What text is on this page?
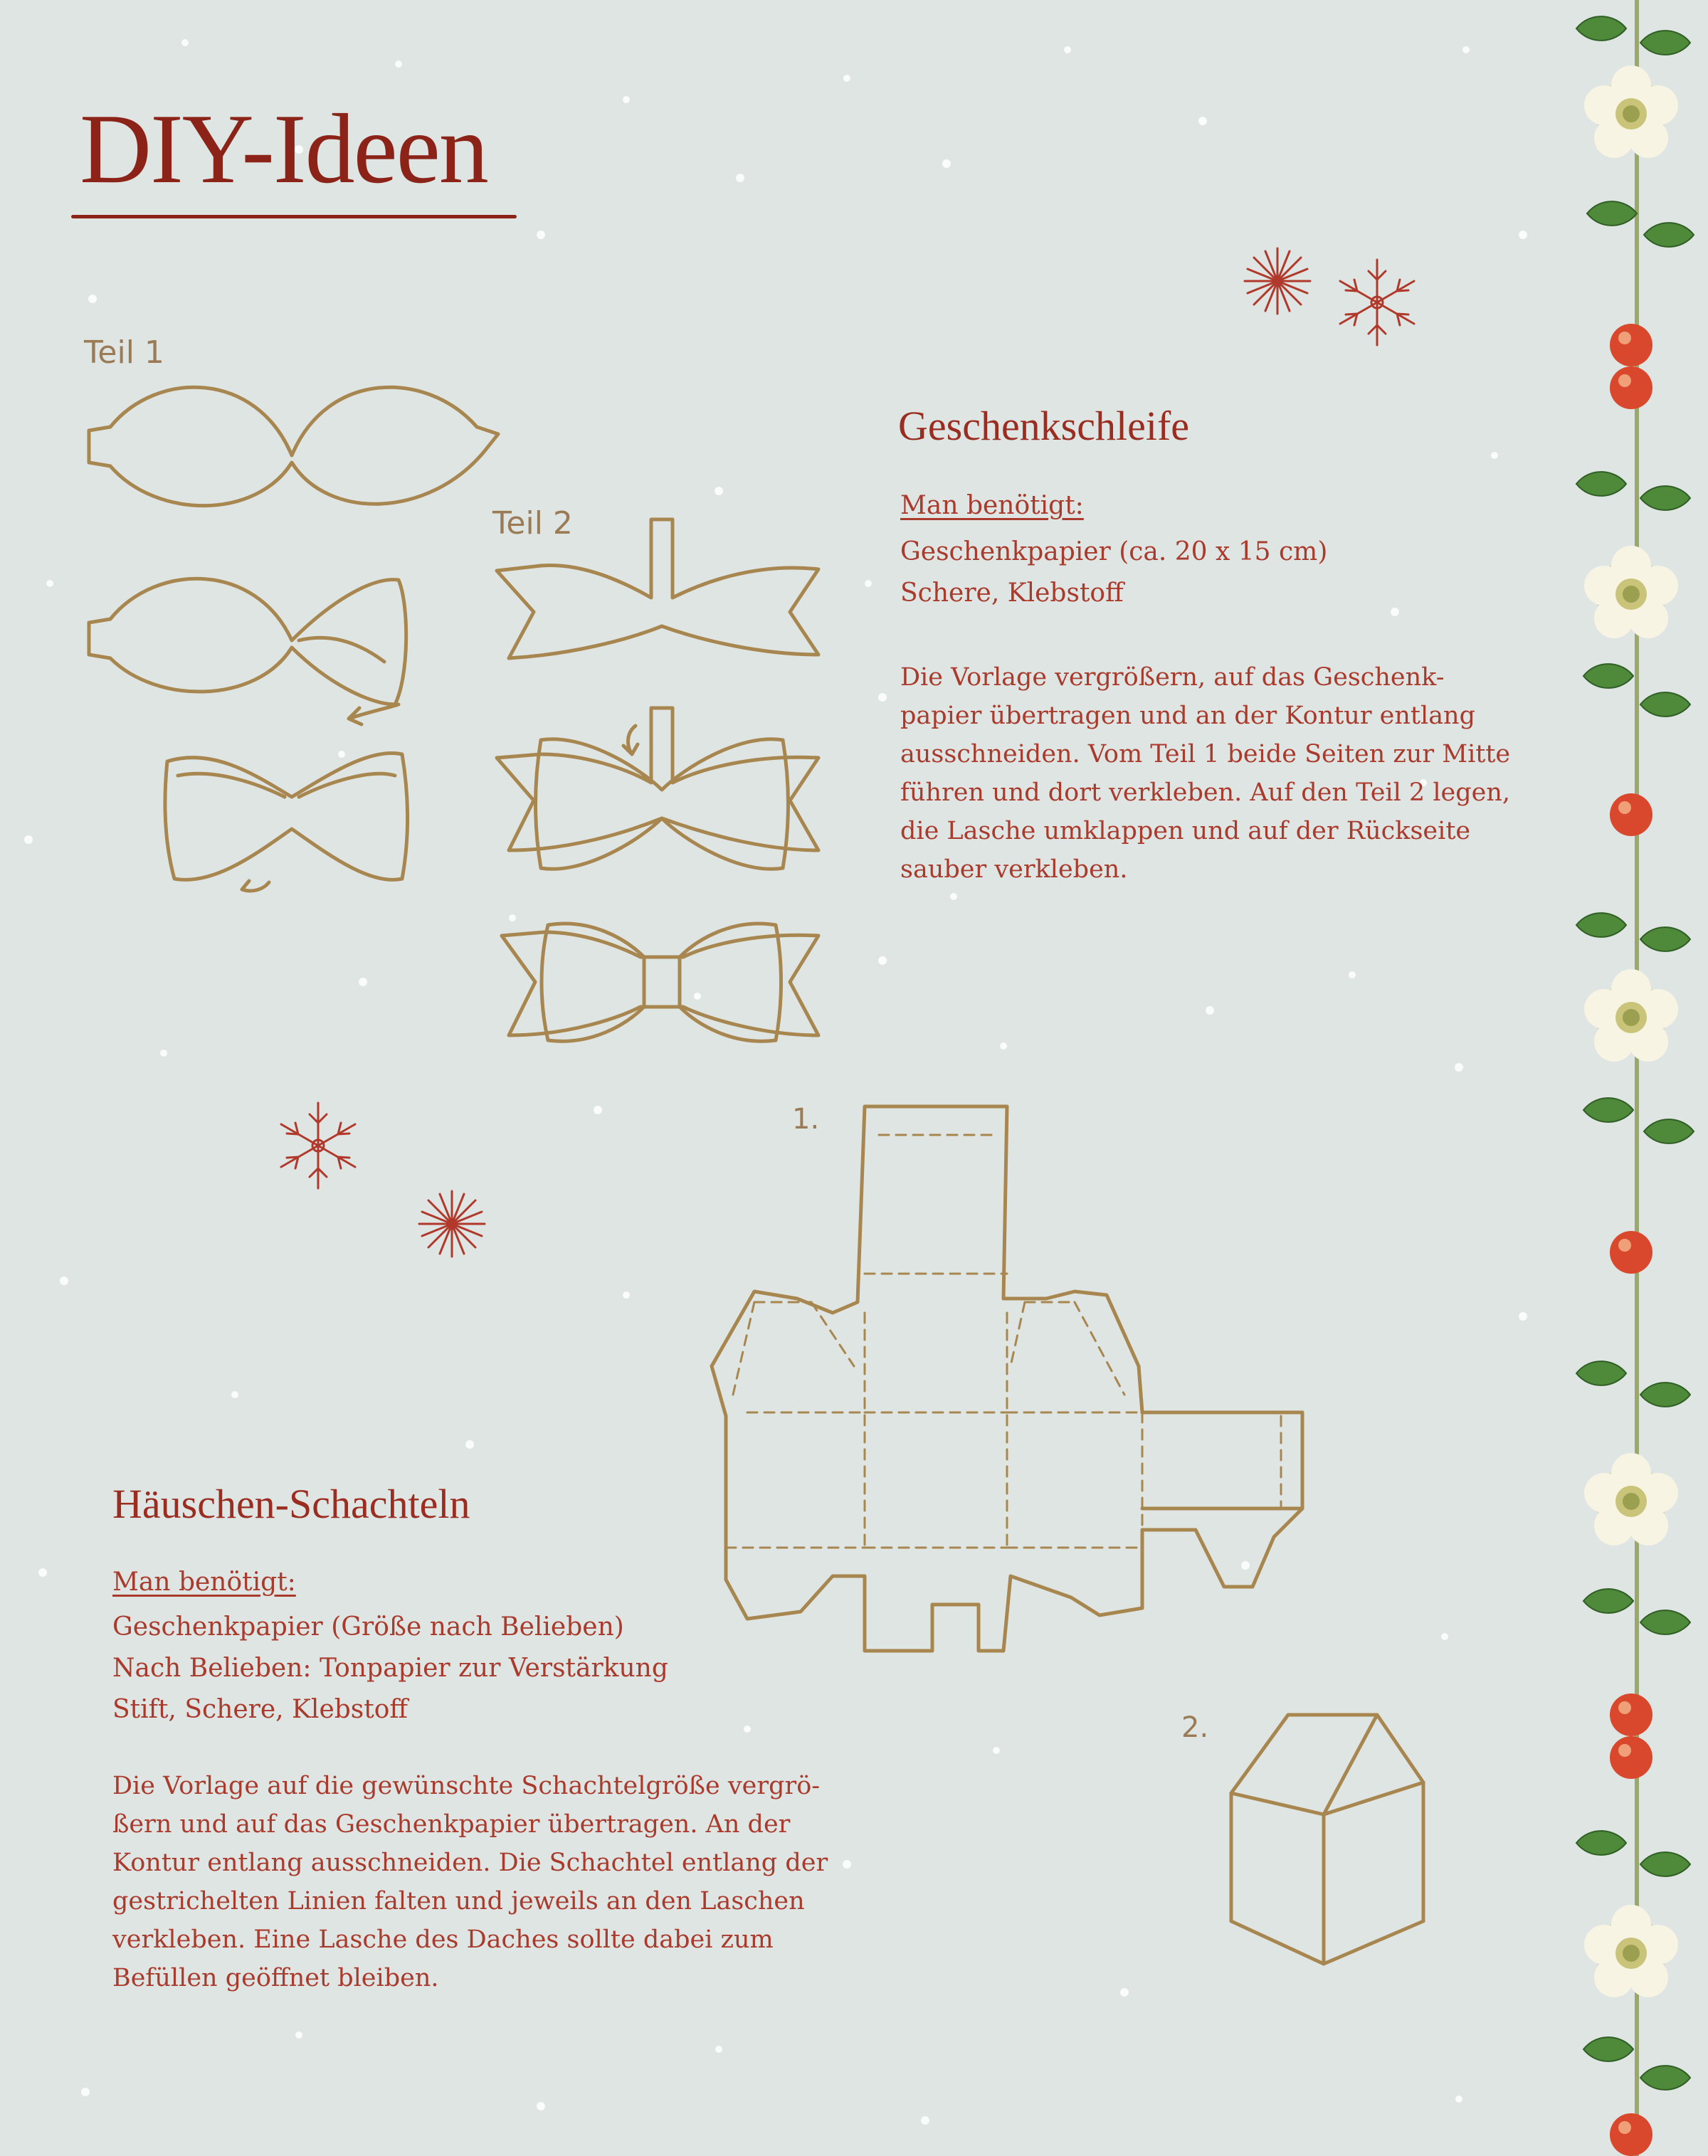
DIY-Ideen
Teil 1
Teil 2
Geschenkschleife
Man benötigt:

Geschenkpapier (ca. 20 x 15 cm)

Schere, Klebstoff

Die Vorlage vergrößern, auf das Geschenk-

papier übertragen und an der Kontur entlang

ausschneiden. Vom Teil 1 beide Seiten zur Mitte

führen und dort verkleben. Auf den Teil 2 legen,

die Lasche umklappen und auf der Rückseite

sauber verkleben.

1.
2.
Häuschen-Schachteln
Man benötigt:

Geschenkpapier (Größe nach Belieben)

Nach Belieben: Tonpapier zur Verstärkung

Stift, Schere, Klebstoff

Die Vorlage auf die gewünschte Schachtelgröße vergrö-

ßern und auf das Geschenkpapier übertragen. An der

Kontur entlang ausschneiden. Die Schachtel entlang der

gestrichelten Linien falten und jeweils an den Laschen

verkleben. Eine Lasche des Daches sollte dabei zum

Befüllen geöffnet bleiben.
